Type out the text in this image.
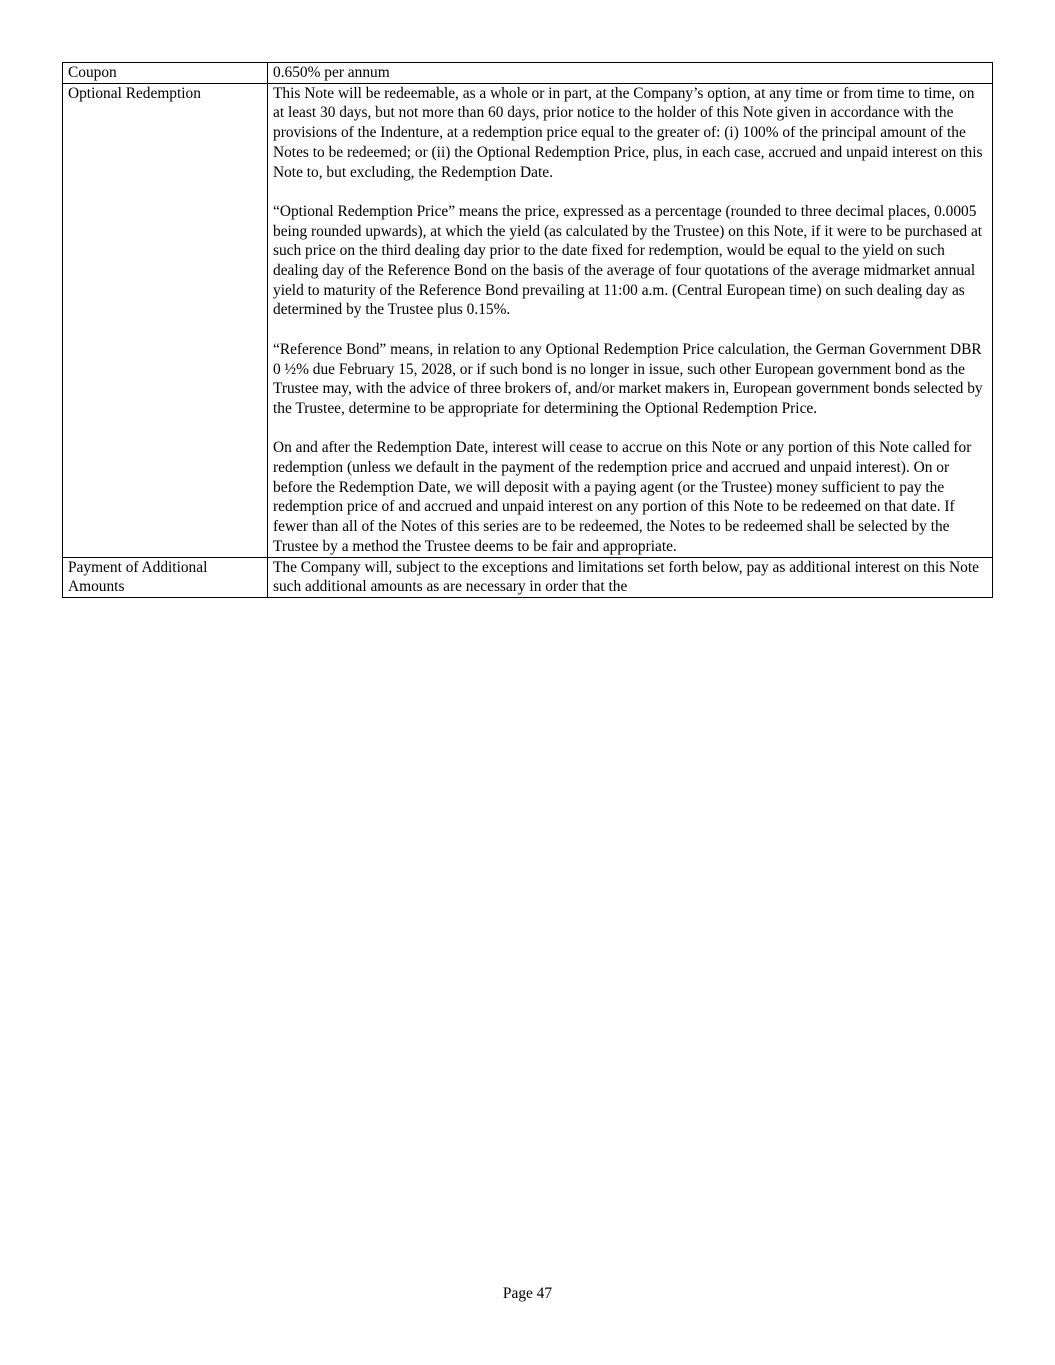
Coupon	0.650% per annum

Optional Redemption	This Note will be redeemable, as a whole or in part, at the Company’s option, at any time or from time to time, on at least 30 days, but not more than 60 days, prior notice to the holder of this Note given in accordance with the provisions of the Indenture, at a redemption price equal to the greater of: (i) 100% of the principal amount of the Notes to be redeemed; or (ii) the Optional Redemption Price, plus, in each case, accrued and unpaid interest on this Note to, but excluding, the Redemption Date.

“Optional Redemption Price” means the price, expressed as a percentage (rounded to three decimal places, 0.0005 being rounded upwards), at which the yield (as calculated by the Trustee) on this Note, if it were to be purchased at such price on the third dealing day prior to the date fixed for redemption, would be equal to the yield on such dealing day of the Reference Bond on the basis of the average of four quotations of the average midmarket annual yield to maturity of the Reference Bond prevailing at 11:00 a.m. (Central European time) on such dealing day as determined by the Trustee plus 0.15%.

“Reference Bond” means, in relation to any Optional Redemption Price calculation, the German Government DBR 0 ½% due February 15, 2028, or if such bond is no longer in issue, such other European government bond as the Trustee may, with the advice of three brokers of, and/or market makers in, European government bonds selected by the Trustee, determine to be appropriate for determining the Optional Redemption Price.

On and after the Redemption Date, interest will cease to accrue on this Note or any portion of this Note called for redemption (unless we default in the payment of the redemption price and accrued and unpaid interest). On or before the Redemption Date, we will deposit with a paying agent (or the Trustee) money sufficient to pay the redemption price of and accrued and unpaid interest on any portion of this Note to be redeemed on that date. If fewer than all of the Notes of this series are to be redeemed, the Notes to be redeemed shall be selected by the Trustee by a method the Trustee deems to be fair and appropriate.

Payment of Additional Amounts	The Company will, subject to the exceptions and limitations set forth below, pay as additional interest on this Note such additional amounts as are necessary in order that the

Page 47
